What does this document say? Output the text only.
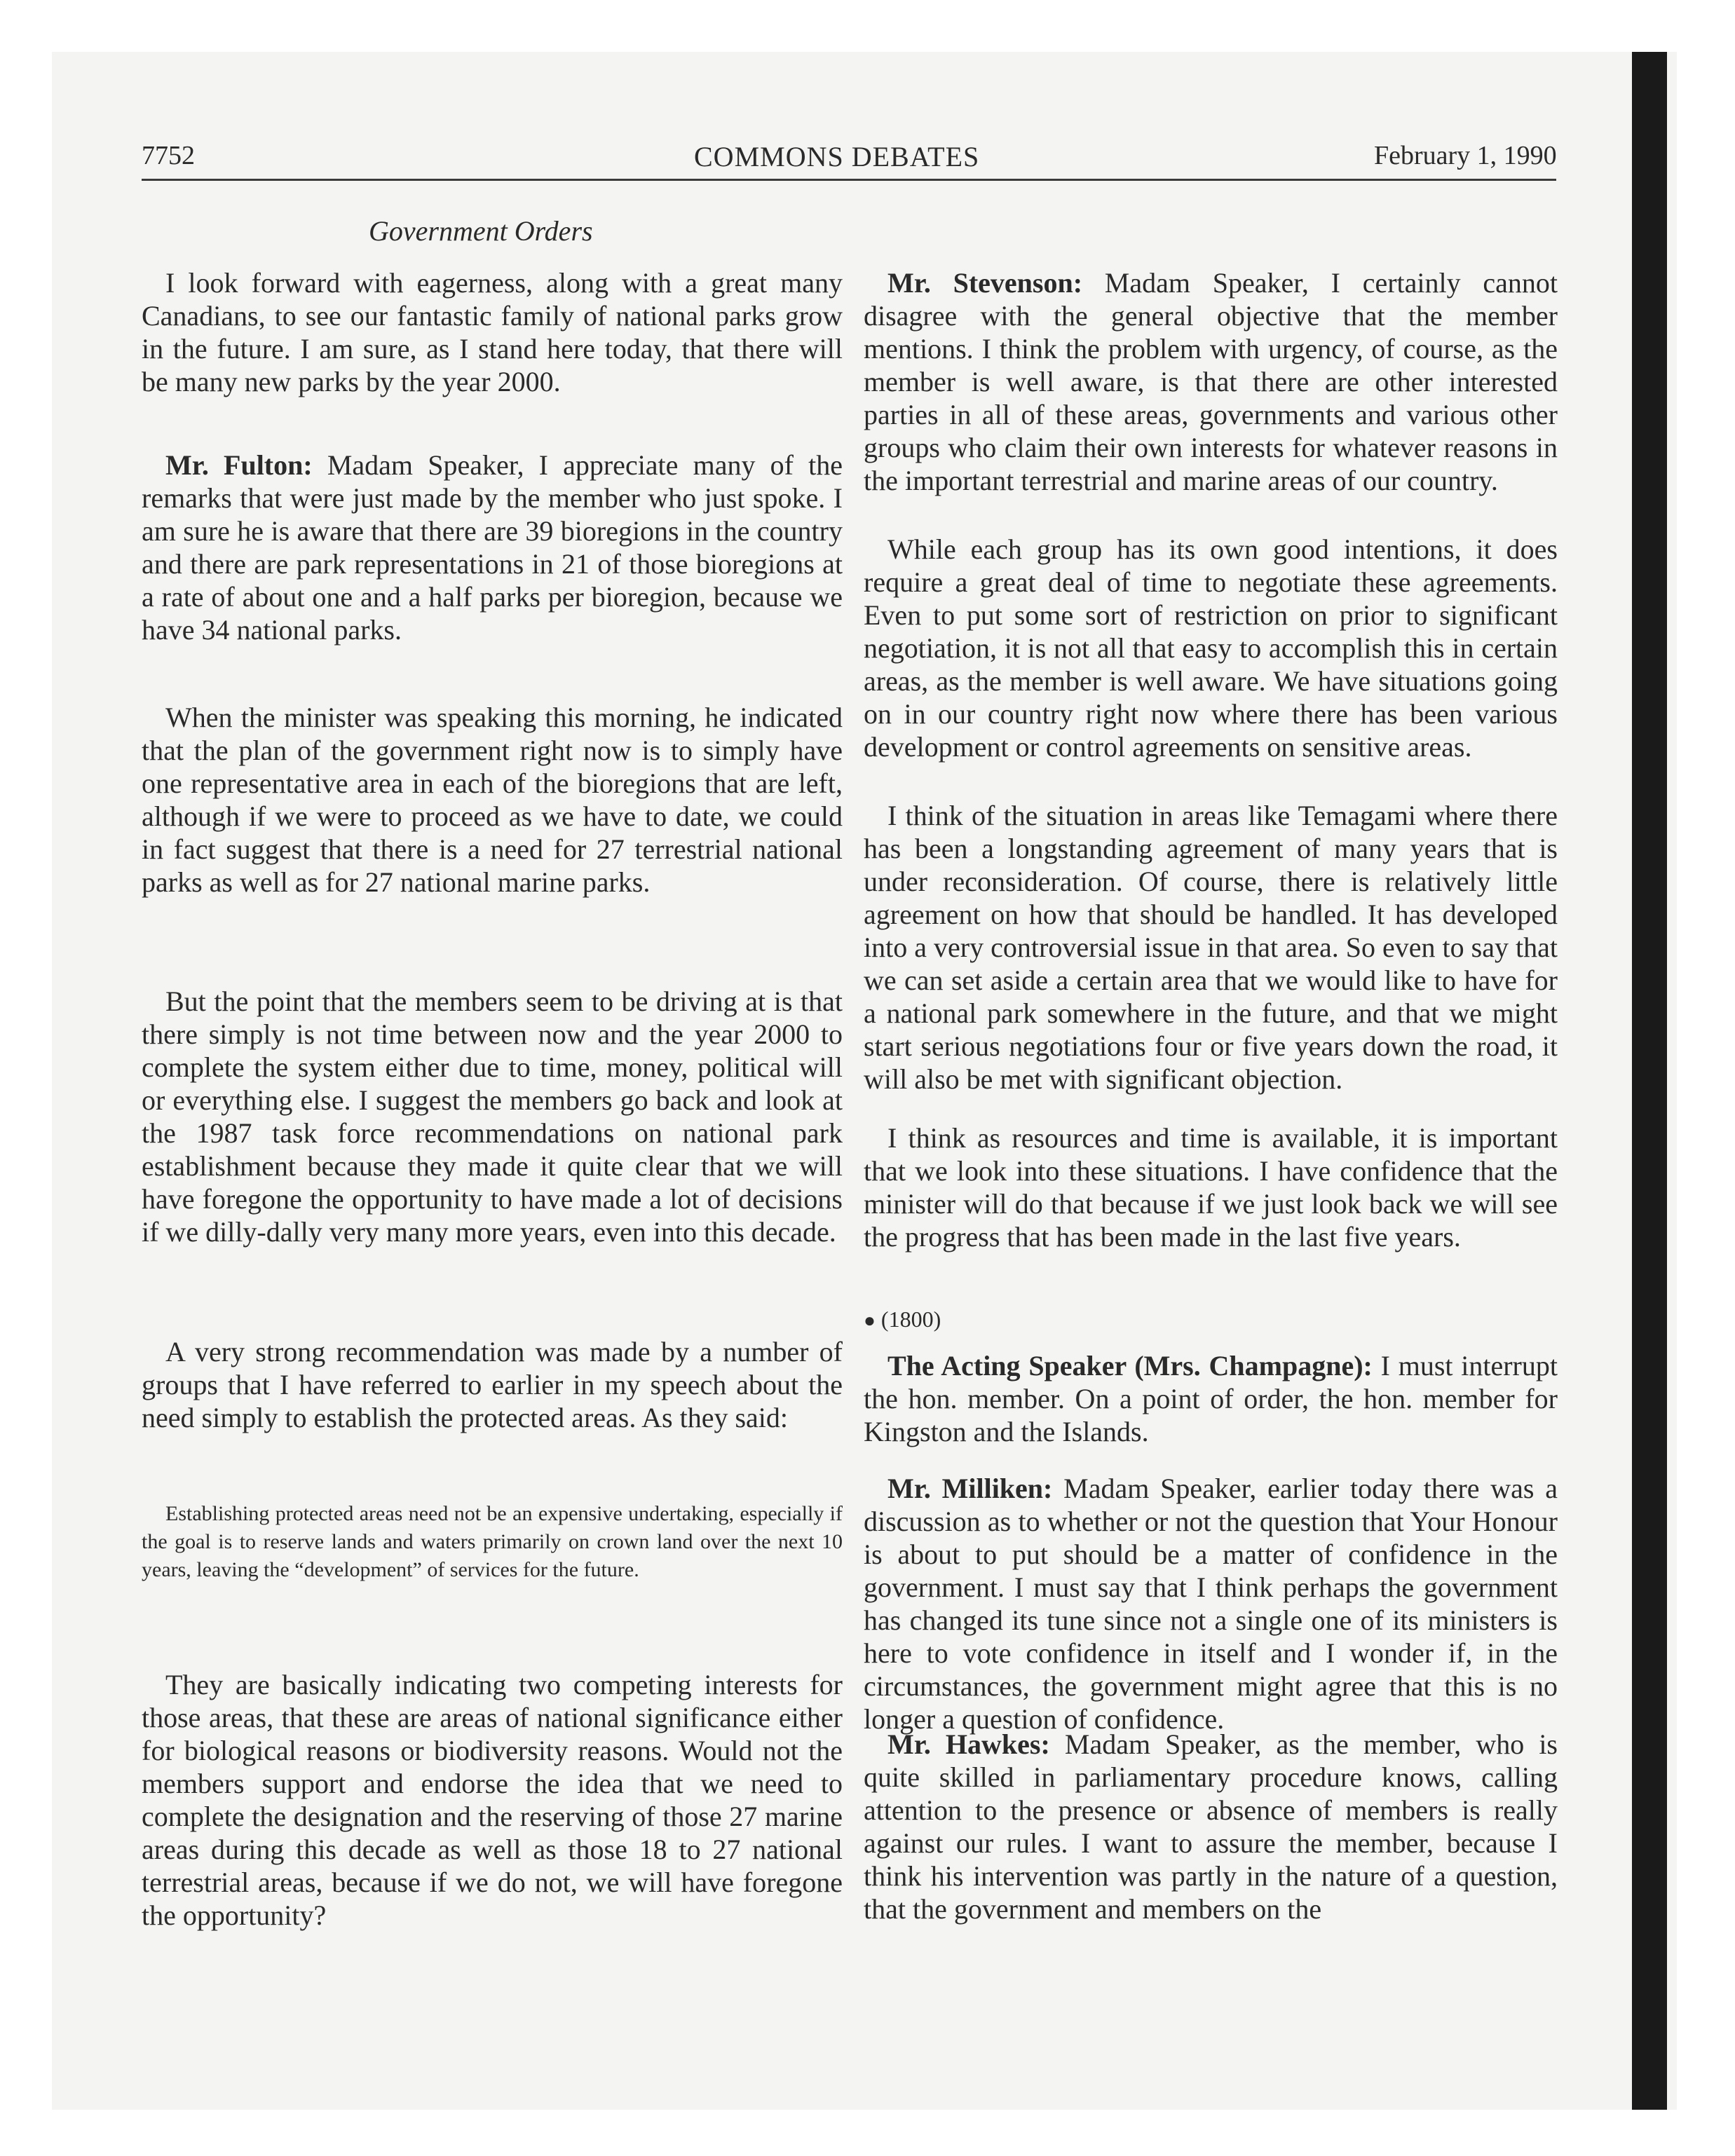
7752	COMMONS DEBATES	February 1, 1990
Government Orders

I look forward with eagerness, along with a great many Canadians, to see our fantastic family of national parks grow in the future. I am sure, as I stand here today, that there will be many new parks by the year 2000.

Mr. Fulton: Madam Speaker, I appreciate many of the remarks that were just made by the member who just spoke. I am sure he is aware that there are 39 bioregions in the country and there are park representations in 21 of those bioregions at a rate of about one and a half parks per bioregion, because we have 34 national parks.

When the minister was speaking this morning, he indicated that the plan of the government right now is to simply have one representative area in each of the bioregions that are left, although if we were to proceed as we have to date, we could in fact suggest that there is a need for 27 terrestrial national parks as well as for 27 national marine parks.

But the point that the members seem to be driving at is that there simply is not time between now and the year 2000 to complete the system either due to time, money, political will or everything else. I suggest the members go back and look at the 1987 task force recommendations on national park establishment because they made it quite clear that we will have foregone the opportunity to have made a lot of decisions if we dilly-dally very many more years, even into this decade.

A very strong recommendation was made by a number of groups that I have referred to earlier in my speech about the need simply to establish the protected areas. As they said:

Establishing protected areas need not be an expensive undertaking, especially if the goal is to reserve lands and waters primarily on crown land over the next 10 years, leaving the “development” of services for the future.

They are basically indicating two competing interests for those areas, that these are areas of national significance either for biological reasons or biodiversity reasons. Would not the members support and endorse the idea that we need to complete the designation and the reserving of those 27 marine areas during this decade as well as those 18 to 27 national terrestrial areas, because if we do not, we will have foregone the opportunity?

Mr. Stevenson: Madam Speaker, I certainly cannot disagree with the general objective that the member mentions. I think the problem with urgency, of course, as the member is well aware, is that there are other interested parties in all of these areas, governments and various other groups who claim their own interests for whatever reasons in the important terrestrial and marine areas of our country.

While each group has its own good intentions, it does require a great deal of time to negotiate these agreements. Even to put some sort of restriction on prior to significant negotiation, it is not all that easy to accomplish this in certain areas, as the member is well aware. We have situations going on in our country right now where there has been various development or control agreements on sensitive areas.

I think of the situation in areas like Temagami where there has been a longstanding agreement of many years that is under reconsideration. Of course, there is relatively little agreement on how that should be handled. It has developed into a very controversial issue in that area. So even to say that we can set aside a certain area that we would like to have for a national park somewhere in the future, and that we might start serious negotiations four or five years down the road, it will also be met with significant objection.

I think as resources and time is available, it is important that we look into these situations. I have confidence that the minister will do that because if we just look back we will see the progress that has been made in the last five years.

● (1800)

The Acting Speaker (Mrs. Champagne): I must interrupt the hon. member. On a point of order, the hon. member for Kingston and the Islands.

Mr. Milliken: Madam Speaker, earlier today there was a discussion as to whether or not the question that Your Honour is about to put should be a matter of confidence in the government. I must say that I think perhaps the government has changed its tune since not a single one of its ministers is here to vote confidence in itself and I wonder if, in the circumstances, the government might agree that this is no longer a question of confidence.

Mr. Hawkes: Madam Speaker, as the member, who is quite skilled in parliamentary procedure knows, calling attention to the presence or absence of members is really against our rules. I want to assure the member, because I think his intervention was partly in the nature of a question, that the government and members on the
